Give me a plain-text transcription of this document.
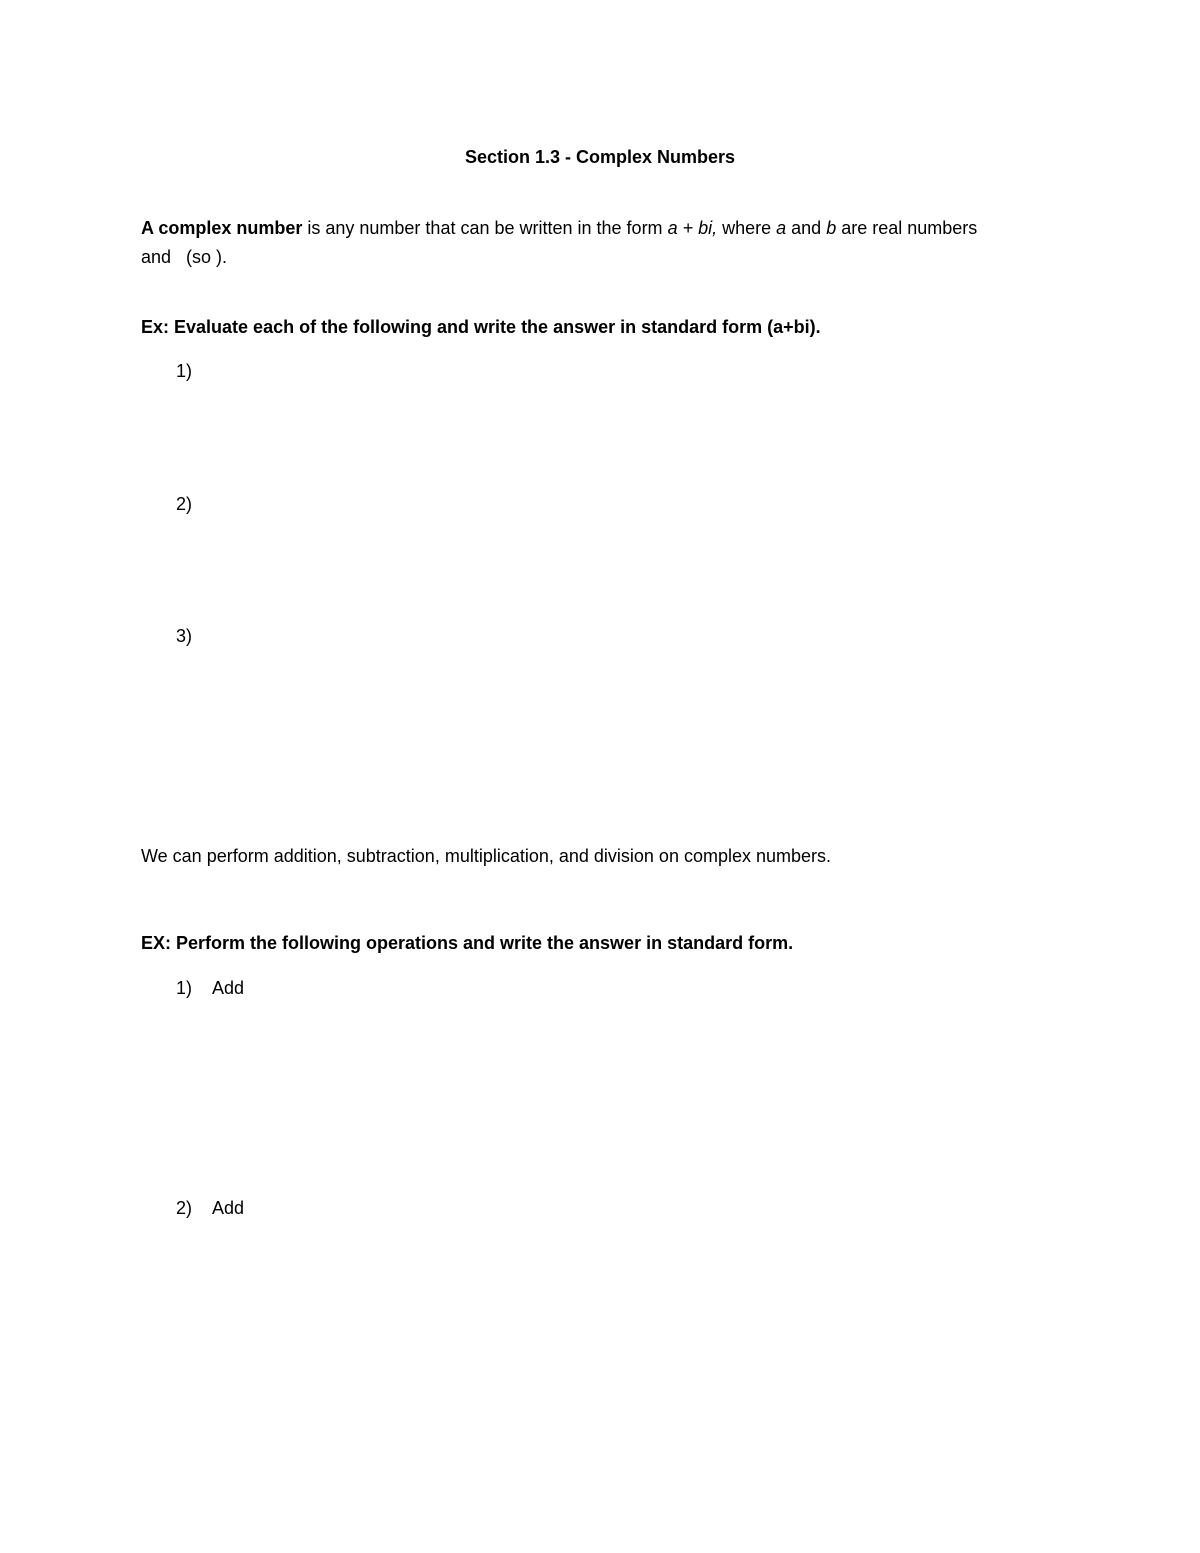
Section 1.3 - Complex Numbers
A complex number is any number that can be written in the form a + bi, where a and b are real numbers
and   (so ).
Ex: Evaluate each of the following and write the answer in standard form (a+bi).
1)
2)
3)
We can perform addition, subtraction, multiplication, and division on complex numbers.
EX: Perform the following operations and write the answer in standard form.
1) Add
2) Add
